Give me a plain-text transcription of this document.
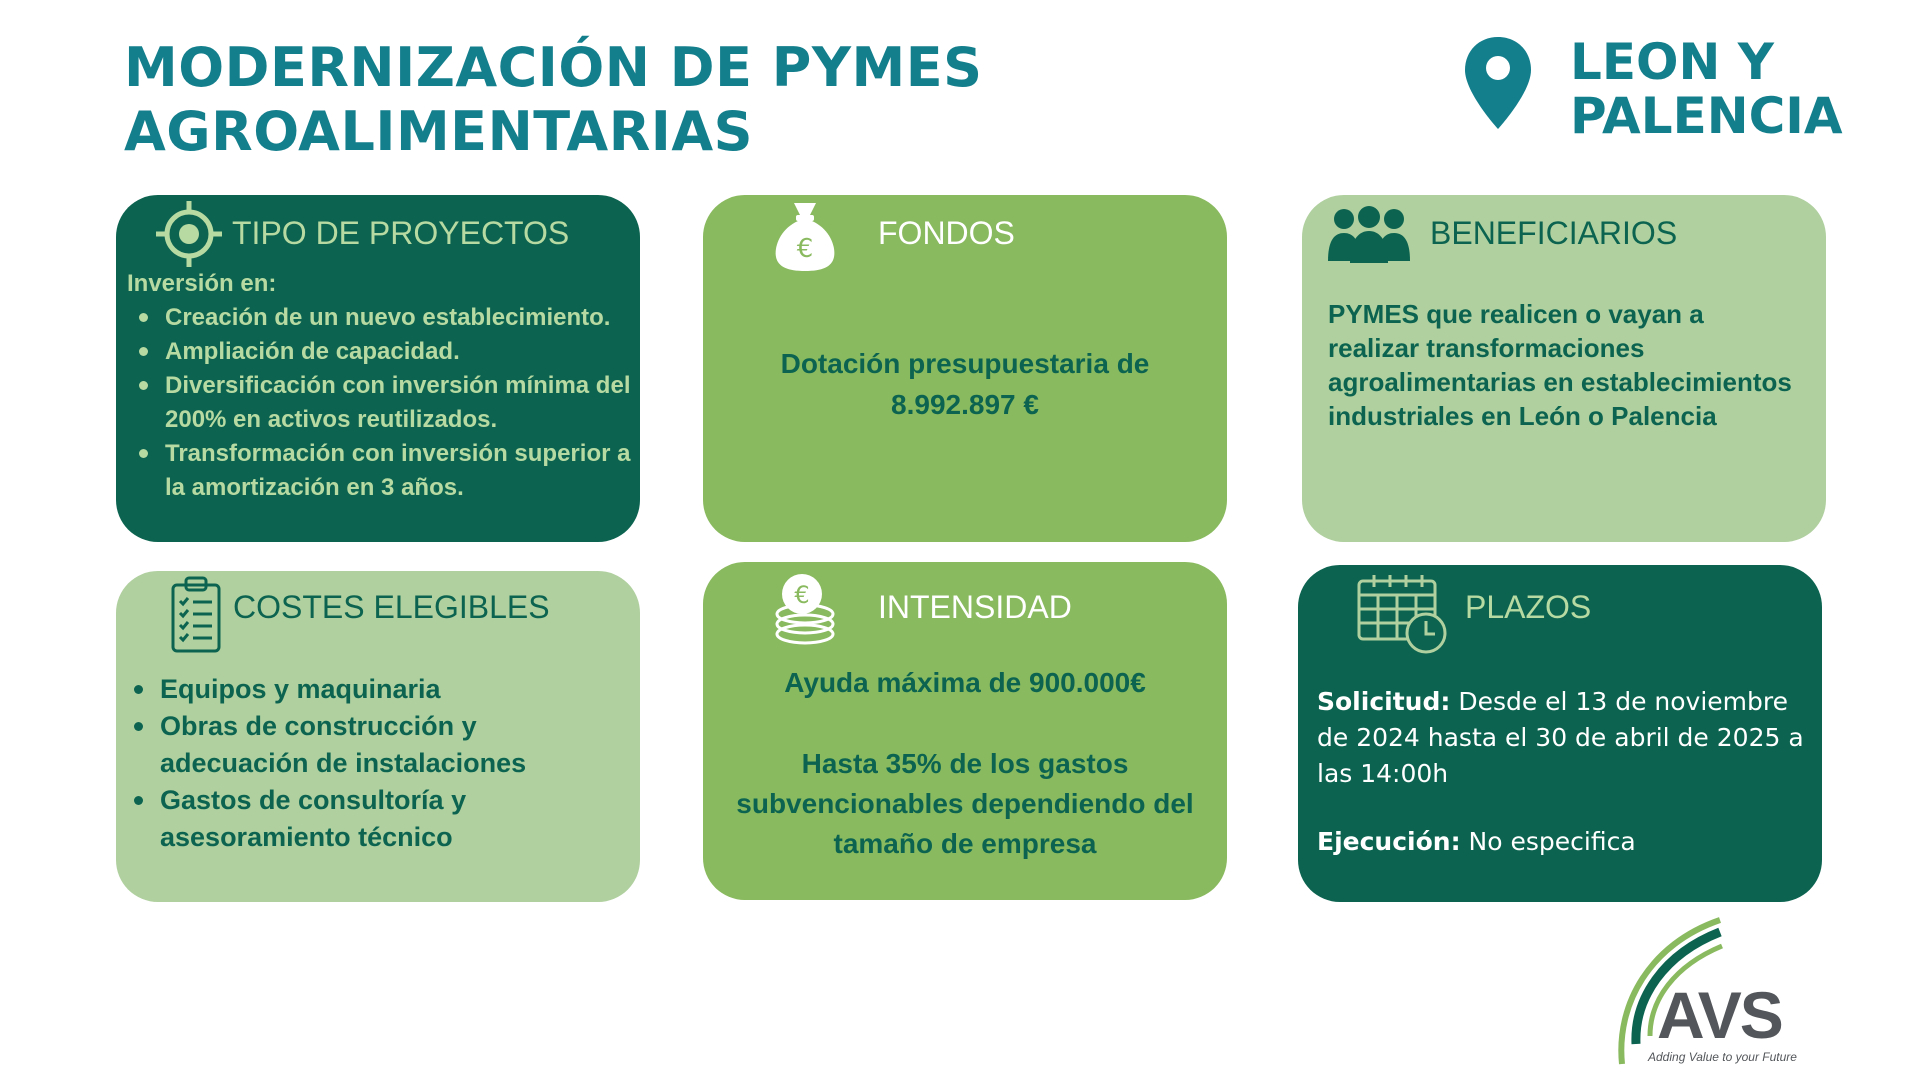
MODERNIZACIÓN DE PYMES AGROALIMENTARIAS
LEON Y PALENCIA
TIPO DE PROYECTOS
Inversión en:
Creación de un nuevo establecimiento.
Ampliación de capacidad.
Diversificación con inversión mínima del 200% en activos reutilizados.
Transformación con inversión superior a la amortización en 3 años.
€ FONDOS
Dotación presupuestaria de 8.992.897 €
BENEFICIARIOS
PYMES que realicen o vayan a realizar transformaciones agroalimentarias en establecimientos industriales en León o Palencia
COSTES ELEGIBLES
Equipos y maquinaria
Obras de construcción y adecuación de instalaciones
Gastos de consultoría y asesoramiento técnico
€ INTENSIDAD
Ayuda máxima de 900.000€
Hasta 35% de los gastos subvencionables dependiendo del tamaño de empresa
PLAZOS
Solicitud: Desde el 13 de noviembre de 2024 hasta el 30 de abril de 2025 a las 14:00h
Ejecución: No especifica
AVS
Adding Value to your Future
